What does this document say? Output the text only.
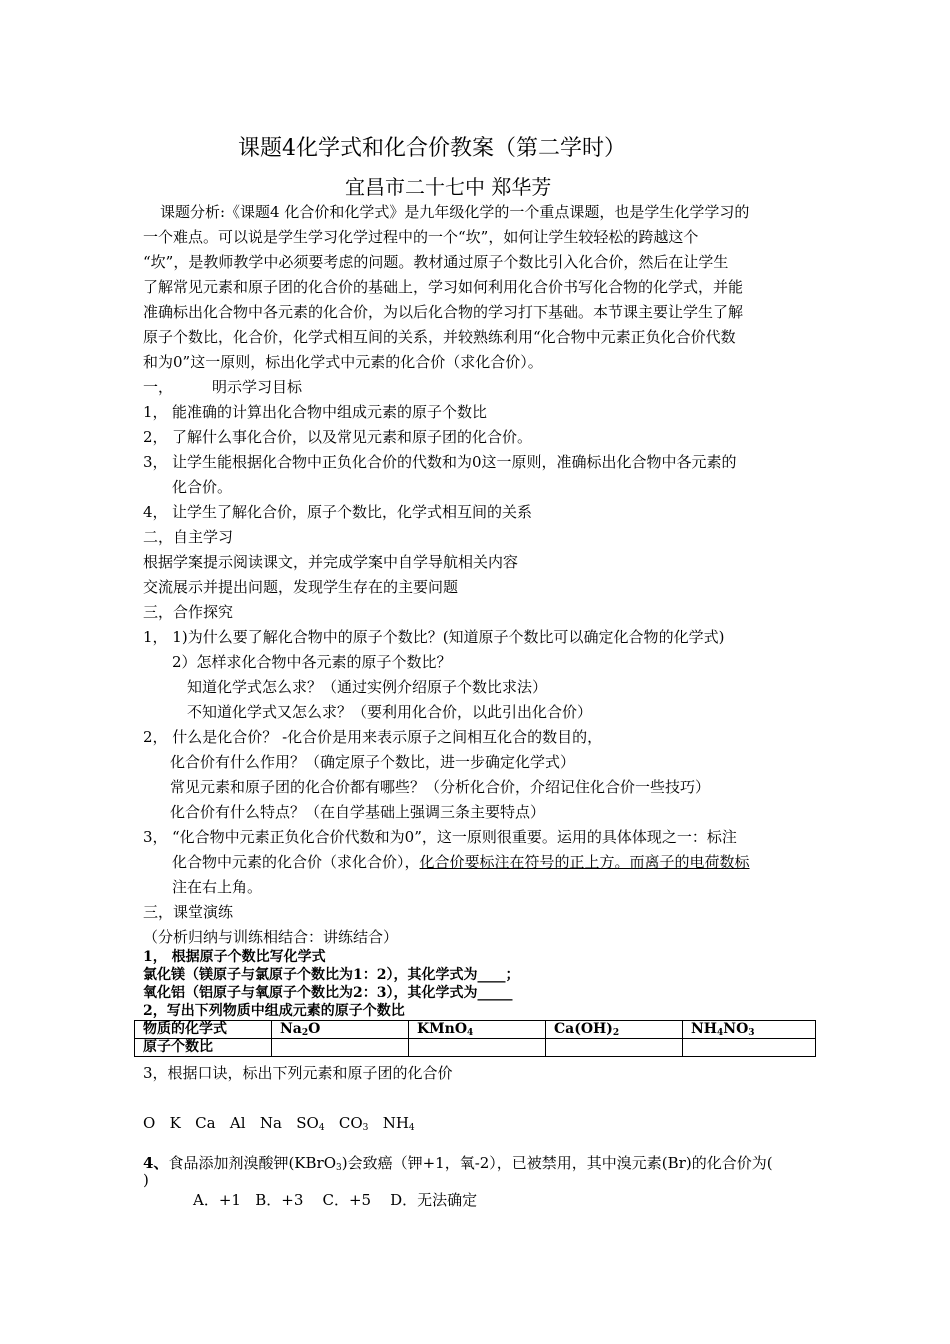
课题4化学式和化合价教案（第二学时）
宜昌市二十七中 郑华芳
课题分析:《课题4 化合价和化学式》是九年级化学的一个重点课题，也是学生化学学习的
一个难点。可以说是学生学习化学过程中的一个“坎”，如何让学生较轻松的跨越这个
“坎”，是教师教学中必须要考虑的问题。教材通过原子个数比引入化合价，然后在让学生
了解常见元素和原子团的化合价的基础上，学习如何利用化合价书写化合物的化学式，并能
准确标出化合物中各元素的化合价，为以后化合物的学习打下基础。本节课主要让学生了解
原子个数比，化合价，化学式相互间的关系，并较熟练利用“化合物中元素正负化合价代数
和为0”这一原则，标出化学式中元素的化合价（求化合价）。
一，	明示学习目标
1， 能准确的计算出化合物中组成元素的原子个数比
2， 了解什么事化合价，以及常见元素和原子团的化合价。
3， 让学生能根据化合物中正负化合价的代数和为0这一原则，准确标出化合物中各元素的
化合价。
4， 让学生了解化合价，原子个数比，化学式相互间的关系
二，自主学习
根据学案提示阅读课文，并完成学案中自学导航相关内容
交流展示并提出问题，发现学生存在的主要问题
三，合作探究
1， 1)为什么要了解化合物中的原子个数比？(知道原子个数比可以确定化合物的化学式)
2）怎样求化合物中各元素的原子个数比？
知道化学式怎么求？（通过实例介绍原子个数比求法）
不知道化学式又怎么求？（要利用化合价，以此引出化合价）
2， 什么是化合价？ -化合价是用来表示原子之间相互化合的数目的，
化合价有什么作用？（确定原子个数比，进一步确定化学式）
常见元素和原子团的化合价都有哪些？（分析化合价，介绍记住化合价一些技巧）
化合价有什么特点？（在自学基础上强调三条主要特点）
3， “化合物中元素正负化合价代数和为0”，这一原则很重要。运用的具体体现之一：标注
化合物中元素的化合价（求化合价），化合价要标注在符号的正上方。而离子的电荷数标
注在右上角。
三，课堂演练
（分析归纳与训练相结合：讲练结合）
1， 根据原子个数比写化学式
氯化镁（镁原子与氯原子个数比为1：2），其化学式为____；
氧化铝（铝原子与氧原子个数比为2：3），其化学式为_____
2，写出下列物质中组成元素的原子个数比
物质的化学式	$Na_2O$	KMnO$_4$	$Ca(OH)_2$	$NH_4NO_3$
原子个数比				
3，根据口诀，标出下列元素和原子团的化合价
O K Ca Al Na $SO_4$ $CO_3$ $NH_4$
4、食品添加剂溴酸钾(KBrO$_3$)会致癌（钾+1，氧-2），已被禁用，其中溴元素(Br)的化合价为(
)
A．+1 B．+3 C．+5 D．无法确定
